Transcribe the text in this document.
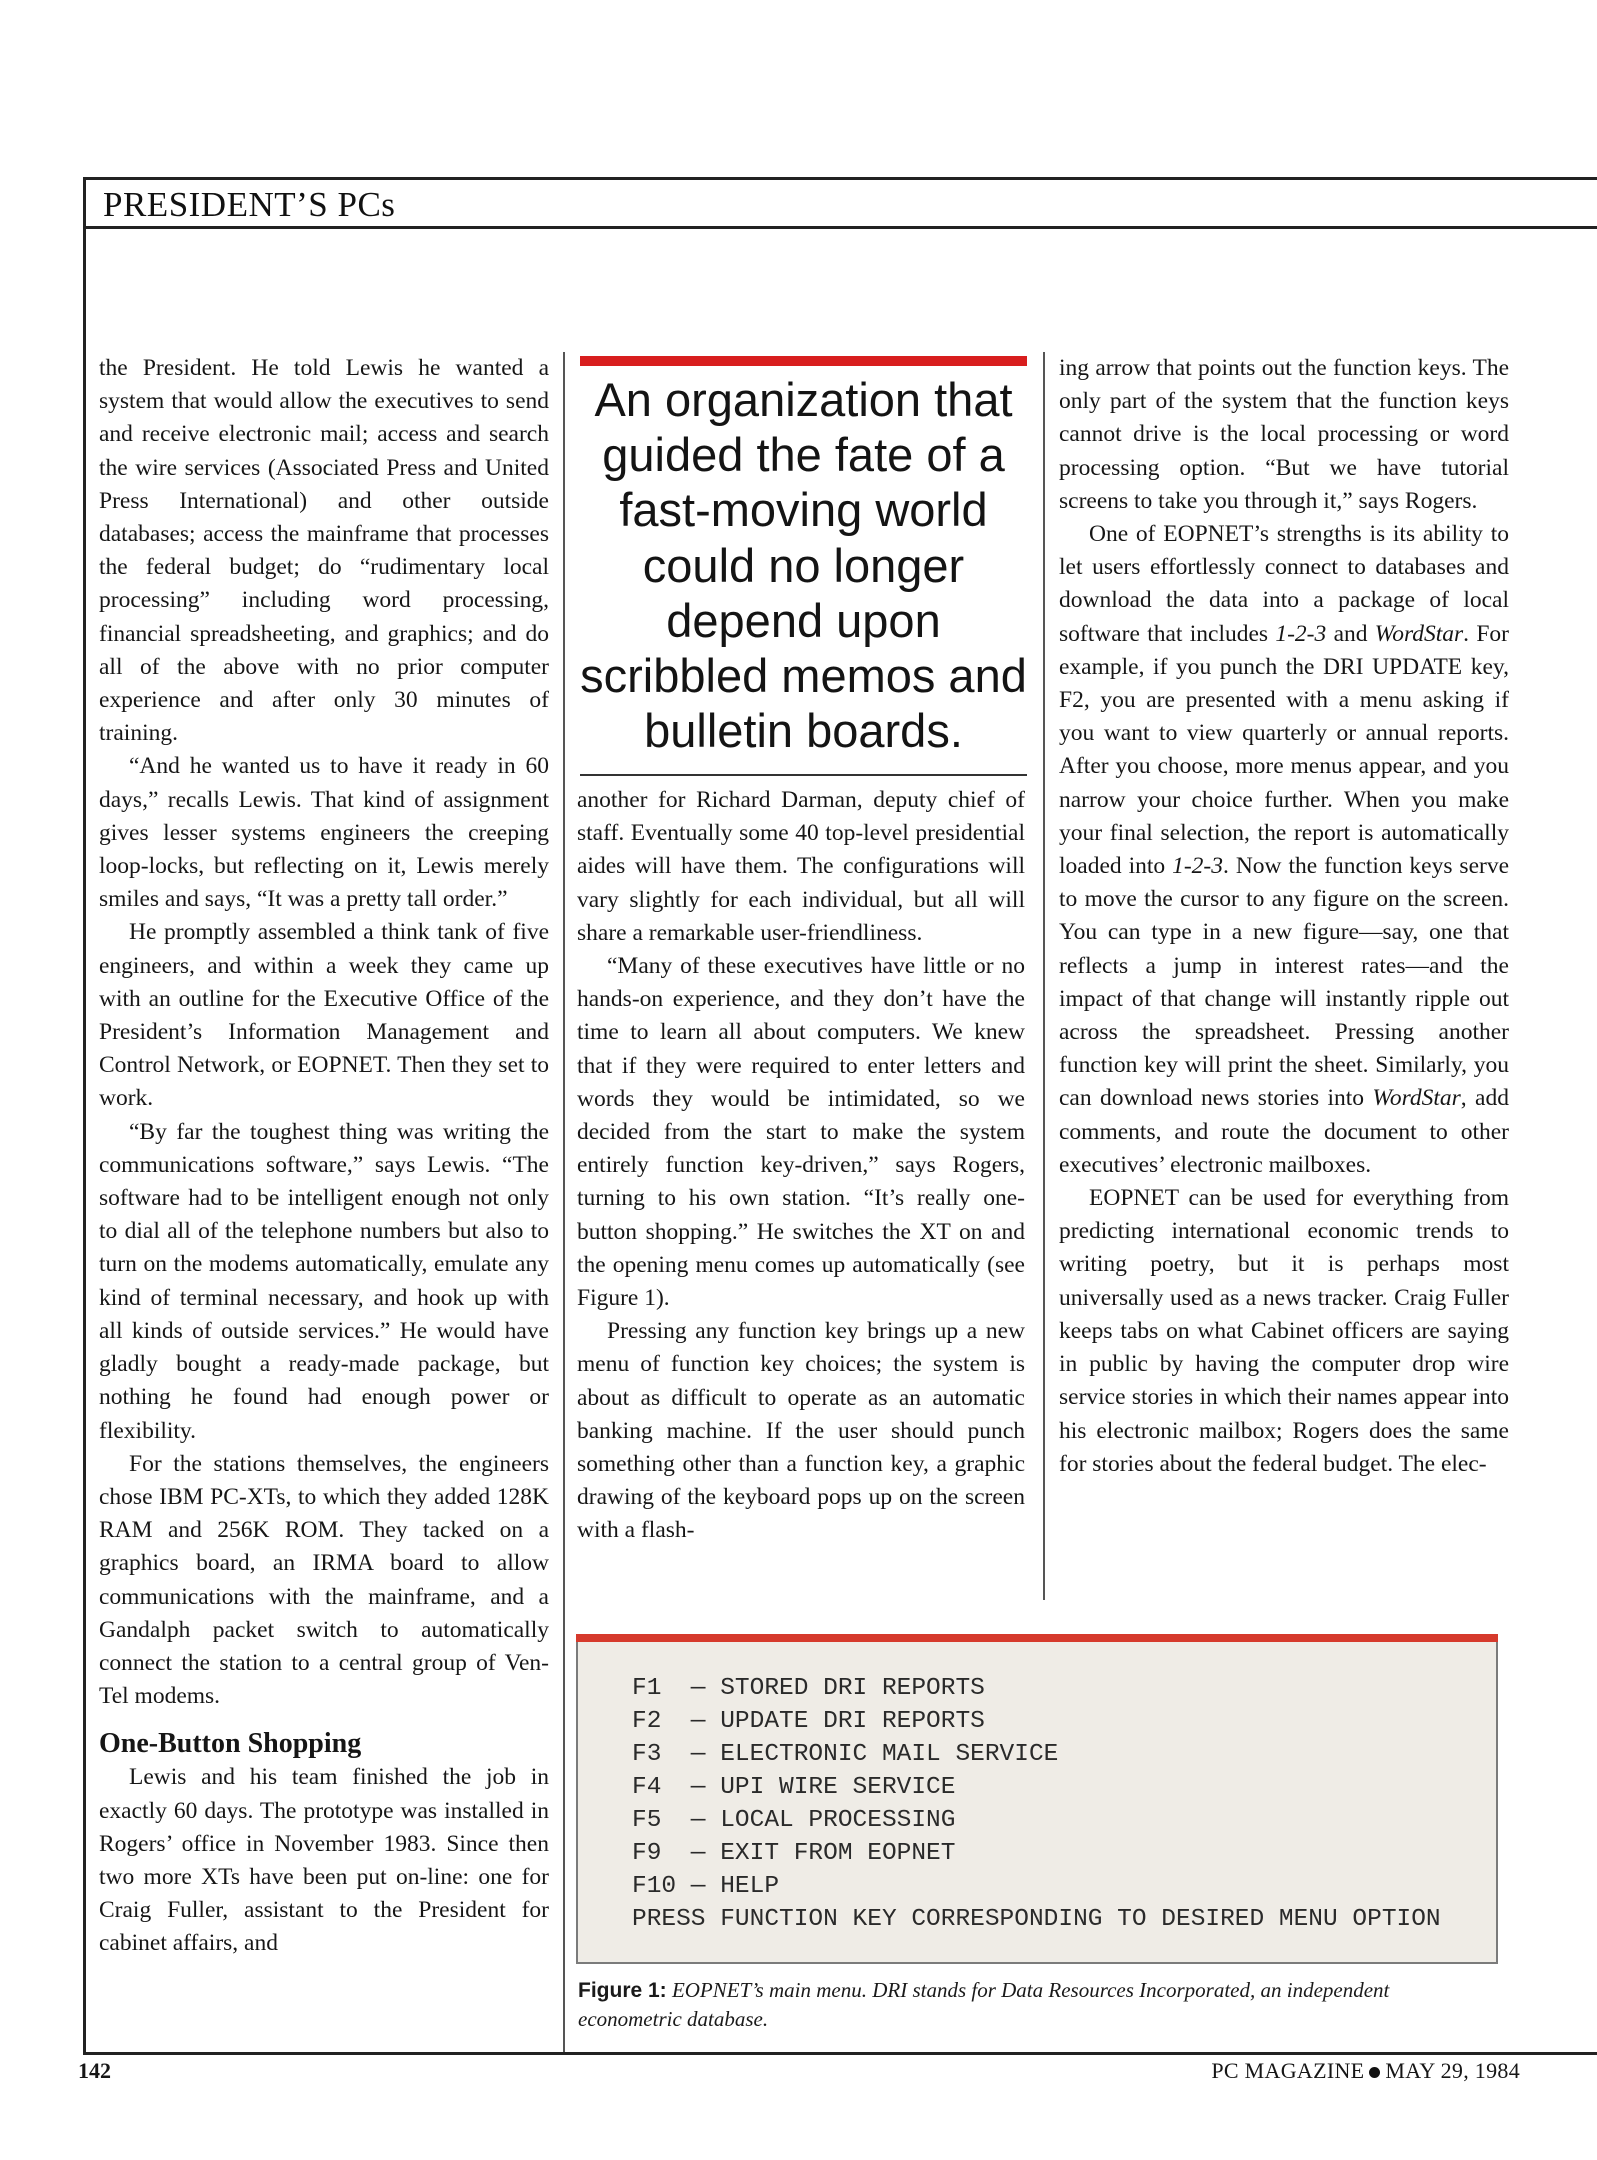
PRESIDENT’S PCs

the President. He told Lewis he wanted a system that would allow the executives to send and receive electronic mail; access and search the wire services (Associated Press and United Press International) and other outside databases; access the mainframe that processes the federal budget; do “rudimentary local processing” including word processing, financial spreadsheeting, and graphics; and do all of the above with no prior computer experience and after only 30 minutes of training.

“And he wanted us to have it ready in 60 days,” recalls Lewis. That kind of assignment gives lesser systems engineers the creeping loop-locks, but reflecting on it, Lewis merely smiles and says, “It was a pretty tall order.”

He promptly assembled a think tank of five engineers, and within a week they came up with an outline for the Executive Office of the President’s Information Management and Control Network, or EOPNET. Then they set to work.

“By far the toughest thing was writing the communications software,” says Lewis. “The software had to be intelligent enough not only to dial all of the telephone numbers but also to turn on the modems automatically, emulate any kind of terminal necessary, and hook up with all kinds of outside services.” He would have gladly bought a ready-made package, but nothing he found had enough power or flexibility.

For the stations themselves, the engineers chose IBM PC-XTs, to which they added 128K RAM and 256K ROM. They tacked on a graphics board, an IRMA board to allow communications with the mainframe, and a Gandalph packet switch to automatically connect the station to a central group of Ven-Tel modems.

One-Button Shopping

Lewis and his team finished the job in exactly 60 days. The prototype was installed in Rogers’ office in November 1983. Since then two more XTs have been put on-line: one for Craig Fuller, assistant to the President for cabinet affairs, and

An organization that guided the fate of a fast-moving world could no longer depend upon scribbled memos and bulletin boards.

another for Richard Darman, deputy chief of staff. Eventually some 40 top-level presidential aides will have them. The configurations will vary slightly for each individual, but all will share a remarkable user-friendliness.

“Many of these executives have little or no hands-on experience, and they don’t have the time to learn all about computers. We knew that if they were required to enter letters and words they would be intimidated, so we decided from the start to make the system entirely function key-driven,” says Rogers, turning to his own station. “It’s really one-button shopping.” He switches the XT on and the opening menu comes up automatically (see Figure 1).

Pressing any function key brings up a new menu of function key choices; the system is about as difficult to operate as an automatic banking machine. If the user should punch something other than a function key, a graphic drawing of the keyboard pops up on the screen with a flash-

ing arrow that points out the function keys. The only part of the system that the function keys cannot drive is the local processing or word processing option. “But we have tutorial screens to take you through it,” says Rogers.

One of EOPNET’s strengths is its ability to let users effortlessly connect to databases and download the data into a package of local software that includes 1-2-3 and WordStar. For example, if you punch the DRI UPDATE key, F2, you are presented with a menu asking if you want to view quarterly or annual reports. After you choose, more menus appear, and you narrow your choice further. When you make your final selection, the report is automatically loaded into 1-2-3. Now the function keys serve to move the cursor to any figure on the screen. You can type in a new figure—say, one that reflects a jump in interest rates—and the impact of that change will instantly ripple out across the spreadsheet. Pressing another function key will print the sheet. Similarly, you can download news stories into WordStar, add comments, and route the document to other executives’ electronic mailboxes.

EOPNET can be used for everything from predicting international economic trends to writing poetry, but it is perhaps most universally used as a news tracker. Craig Fuller keeps tabs on what Cabinet officers are saying in public by having the computer drop wire service stories in which their names appear into his electronic mailbox; Rogers does the same for stories about the federal budget. The elec-

F1  — STORED DRI REPORTS
F2  — UPDATE DRI REPORTS
F3  — ELECTRONIC MAIL SERVICE
F4  — UPI WIRE SERVICE
F5  — LOCAL PROCESSING
F9  — EXIT FROM EOPNET
F10 — HELP
PRESS FUNCTION KEY CORRESPONDING TO DESIRED MENU OPTION
Figure 1: EOPNET’s main menu. DRI stands for Data Resources Incorporated, an independent econometric database.
142	PC MAGAZINE MAY 29, 1984
